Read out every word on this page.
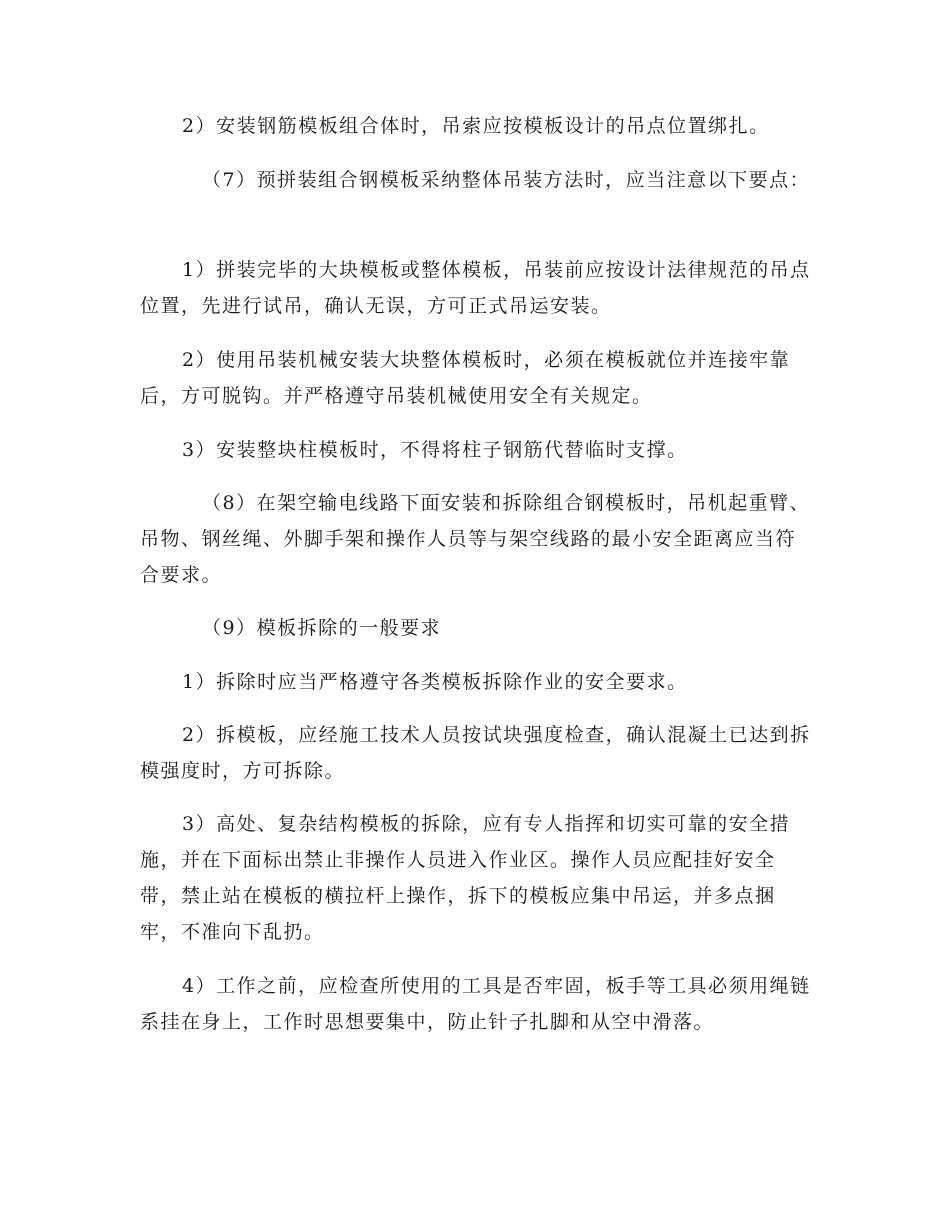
2）安装钢筋模板组合体时，吊索应按模板设计的吊点位置绑扎。

（7）预拼装组合钢模板采纳整体吊装方法时，应当注意以下要点：

1）拼装完毕的大块模板或整体模板，吊装前应按设计法律规范的吊点位置，先进行试吊，确认无误，方可正式吊运安装。

2）使用吊装机械安装大块整体模板时，必须在模板就位并连接牢靠后，方可脱钩。并严格遵守吊装机械使用安全有关规定。

3）安装整块柱模板时，不得将柱子钢筋代替临时支撑。

（8）在架空输电线路下面安装和拆除组合钢模板时，吊机起重臂、吊物、钢丝绳、外脚手架和操作人员等与架空线路的最小安全距离应当符合要求。

（9）模板拆除的一般要求

1）拆除时应当严格遵守各类模板拆除作业的安全要求。

2）拆模板，应经施工技术人员按试块强度检查，确认混凝土已达到拆模强度时，方可拆除。

3）高处、复杂结构模板的拆除，应有专人指挥和切实可靠的安全措施，并在下面标出禁止非操作人员进入作业区。操作人员应配挂好安全带，禁止站在模板的横拉杆上操作，拆下的模板应集中吊运，并多点捆牢，不准向下乱扔。

4）工作之前，应检查所使用的工具是否牢固，板手等工具必须用绳链系挂在身上，工作时思想要集中，防止针子扎脚和从空中滑落。
